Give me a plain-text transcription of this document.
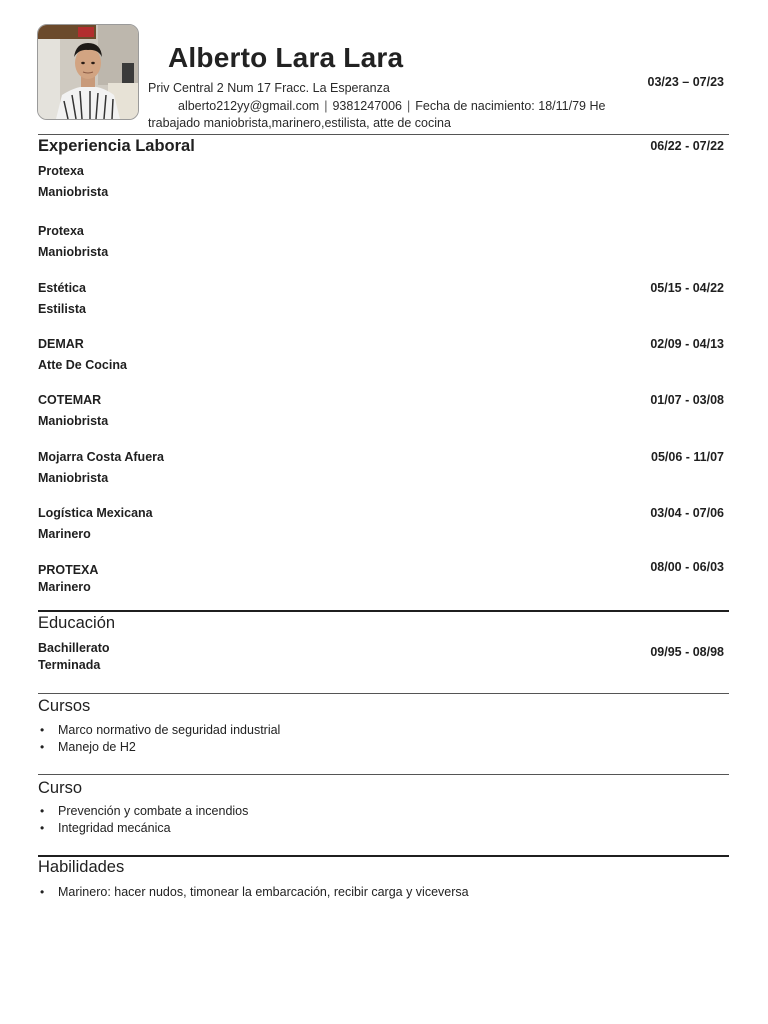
Alberto Lara Lara
Priv Central 2 Num 17 Fracc. La Esperanza
alberto212yy@gmail.com | 9381247006 | Fecha de nacimiento: 18/11/79 He
trabajado maniobrista,marinero,estilista, atte de cocina
03/23 – 07/23
Experiencia Laboral
Protexa
Maniobrista
06/22 - 07/22
Protexa
Maniobrista
Estética
Estilista
05/15 - 04/22
DEMAR
Atte De Cocina
02/09 - 04/13
COTEMAR
Maniobrista
01/07 - 03/08
Mojarra Costa Afuera
Maniobrista
05/06 - 11/07
Logística Mexicana
Marinero
03/04 - 07/06
PROTEXA
Marinero
08/00 - 06/03
Educación
Bachillerato
Terminada
09/95 - 08/98
Cursos
• Marco normativo de seguridad industrial
• Manejo de H2
Curso
• Prevención y combate a incendios
• Integridad mecánica
Habilidades
• Marinero: hacer nudos, timonear la embarcación, recibir carga y viceversa
